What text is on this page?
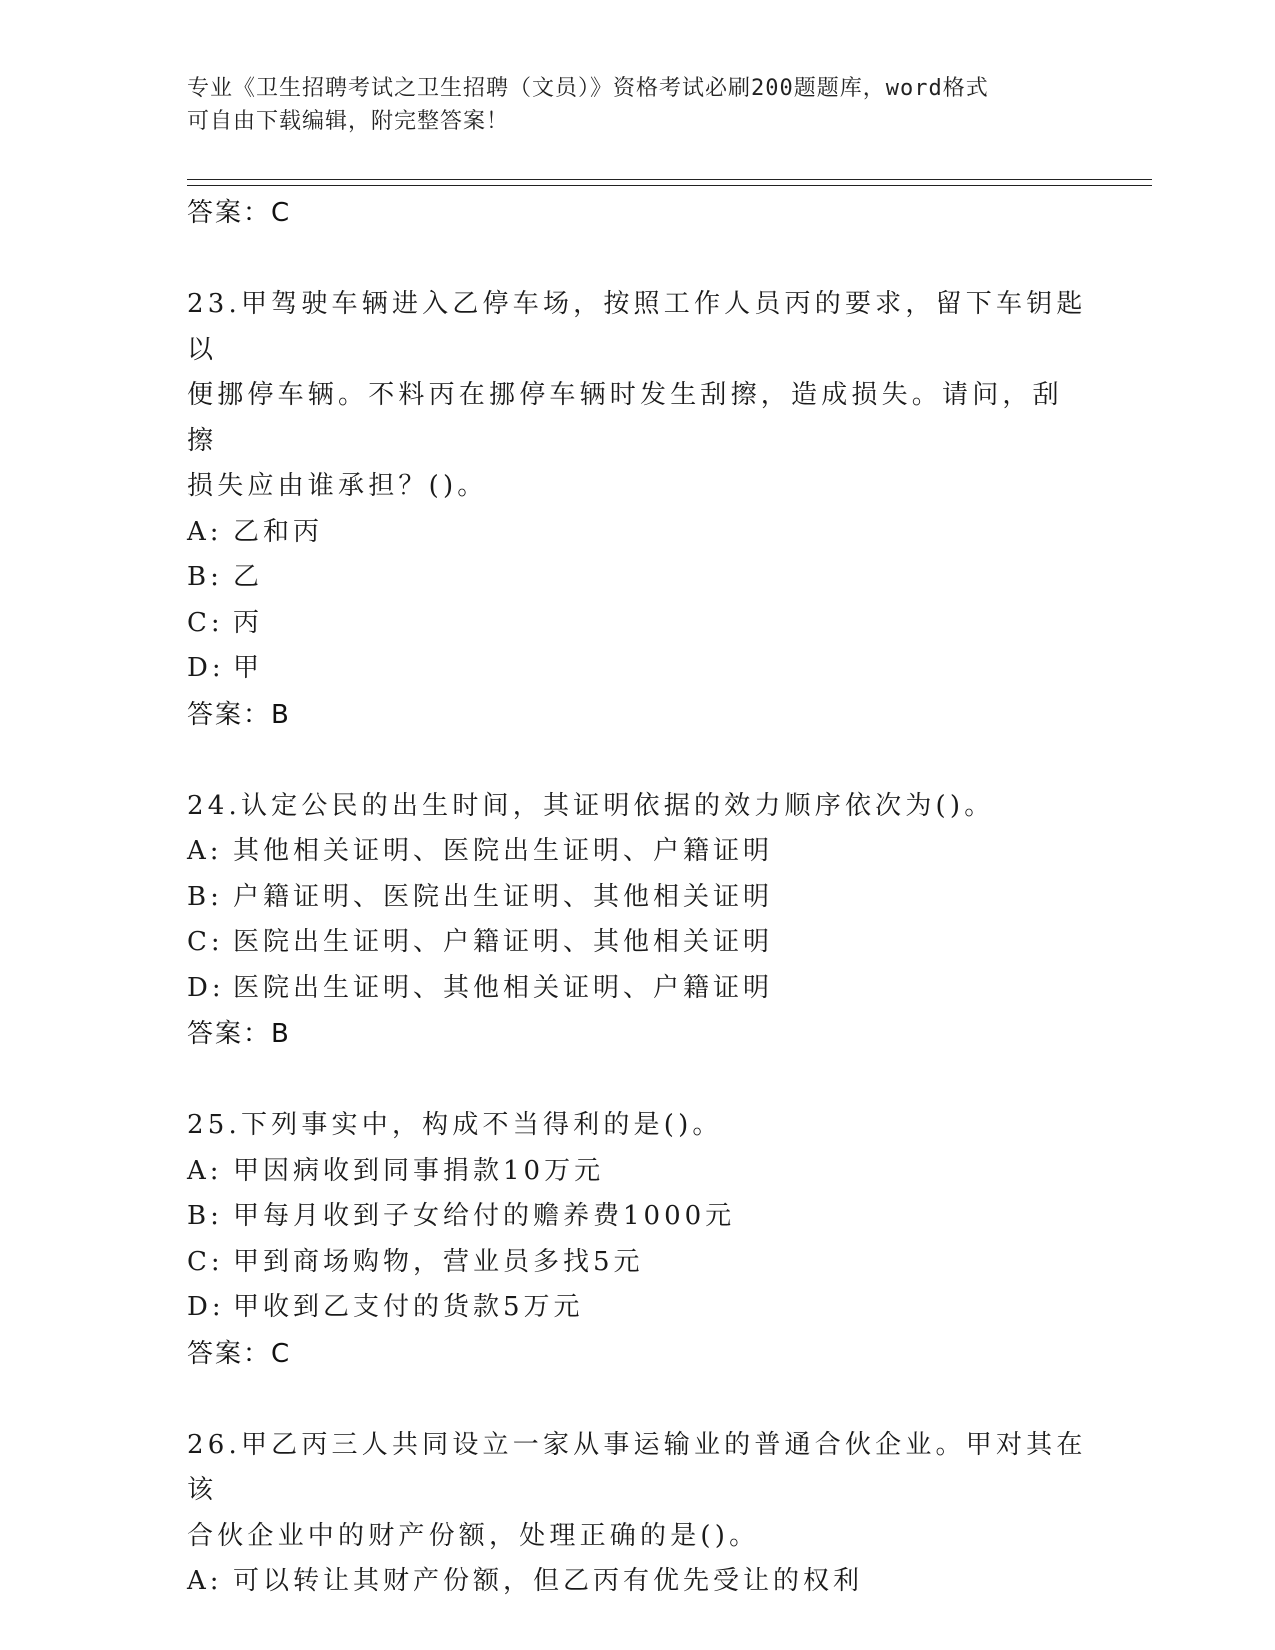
专业《卫生招聘考试之卫生招聘（文员）》资格考试必刷200题题库，word格式
可自由下载编辑，附完整答案！
答案：C
23.甲驾驶车辆进入乙停车场，按照工作人员丙的要求，留下车钥匙以
便挪停车辆。不料丙在挪停车辆时发生刮擦，造成损失。请问，刮擦
损失应由谁承担？()。
A: 乙和丙
B: 乙
C: 丙
D: 甲
答案：B
24.认定公民的出生时间，其证明依据的效力顺序依次为()。
A: 其他相关证明、医院出生证明、户籍证明
B: 户籍证明、医院出生证明、其他相关证明
C: 医院出生证明、户籍证明、其他相关证明
D: 医院出生证明、其他相关证明、户籍证明
答案：B
25.下列事实中，构成不当得利的是()。
A: 甲因病收到同事捐款10万元
B: 甲每月收到子女给付的赡养费1000元
C: 甲到商场购物，营业员多找5元
D: 甲收到乙支付的货款5万元
答案：C
26.甲乙丙三人共同设立一家从事运输业的普通合伙企业。甲对其在该
合伙企业中的财产份额，处理正确的是()。
A: 可以转让其财产份额，但乙丙有优先受让的权利
